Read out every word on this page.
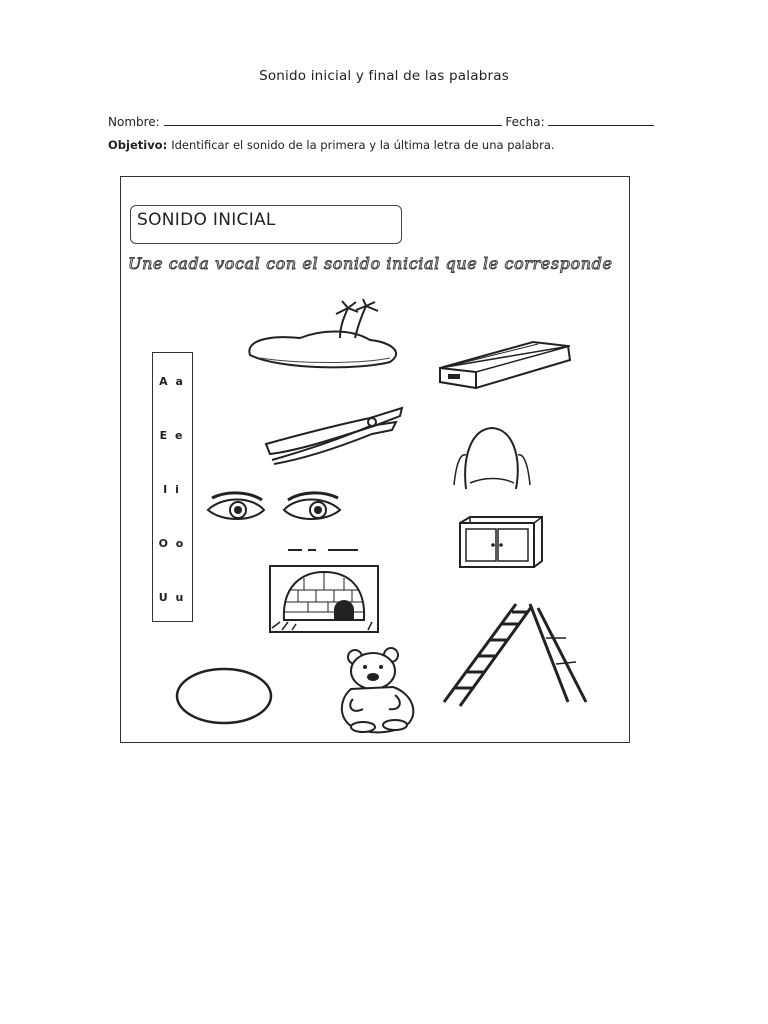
Sonido inicial y final de las palabras
Nombre:	Fecha:
Objetivo: Identificar el sonido de la primera y la última letra de una palabra.
SONIDO INICIAL
Une cada vocal con el sonido inicial que le corresponde
A a
E e
I i
O o
U u
